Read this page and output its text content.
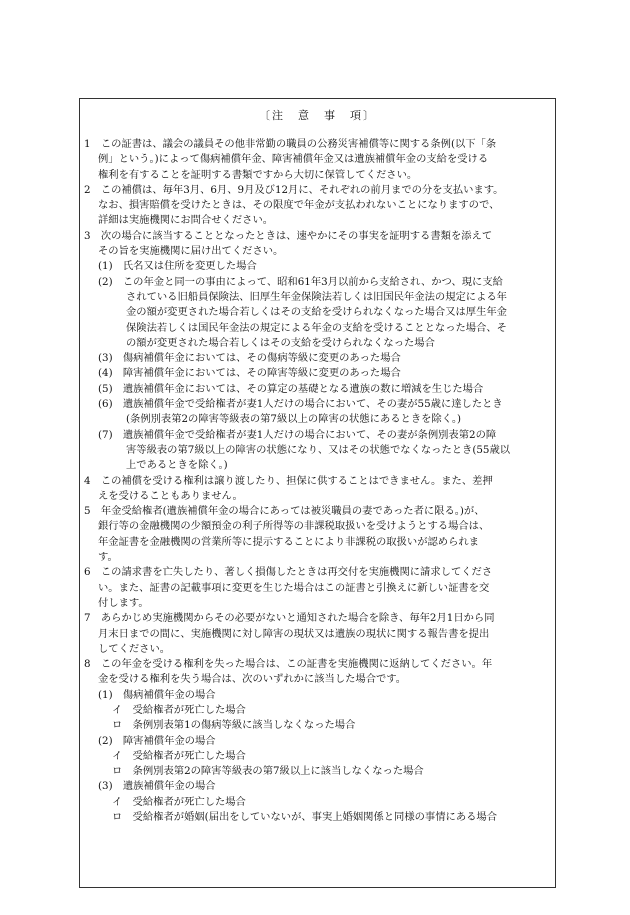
〔注　意　事　項〕

1　この証書は、議会の議員その他非常勤の職員の公務災害補償等に関する条例(以下「条

例」という。)によって傷病補償年金、障害補償年金又は遺族補償年金の支給を受ける

権利を有することを証明する書類ですから大切に保管してください。

2　この補償は、毎年3月、6月、9月及び12月に、それぞれの前月までの分を支払います。

なお、損害賠償を受けたときは、その限度で年金が支払われないことになりますので、

詳細は実施機関にお問合せください。

3　次の場合に該当することとなったときは、速やかにその事実を証明する書類を添えて

その旨を実施機関に届け出てください。

(1)　氏名又は住所を変更した場合

(2)　この年金と同一の事由によって、昭和61年3月以前から支給され、かつ、現に支給

されている旧船員保険法、旧厚生年金保険法若しくは旧国民年金法の規定による年

金の額が変更された場合若しくはその支給を受けられなくなった場合又は厚生年金

保険法若しくは国民年金法の規定による年金の支給を受けることとなった場合、そ

の額が変更された場合若しくはその支給を受けられなくなった場合

(3)　傷病補償年金においては、その傷病等級に変更のあった場合

(4)　障害補償年金においては、その障害等級に変更のあった場合

(5)　遺族補償年金においては、その算定の基礎となる遺族の数に増減を生じた場合

(6)　遺族補償年金で受給権者が妻1人だけの場合において、その妻が55歳に達したとき

(条例別表第2の障害等級表の第7級以上の障害の状態にあるときを除く。)

(7)　遺族補償年金で受給権者が妻1人だけの場合において、その妻が条例別表第2の障

害等級表の第7級以上の障害の状態になり、又はその状態でなくなったとき(55歳以

上であるときを除く。)

4　この補償を受ける権利は譲り渡したり、担保に供することはできません。また、差押

えを受けることもありません。

5　年金受給権者(遺族補償年金の場合にあっては被災職員の妻であった者に限る。)が、

銀行等の金融機関の少額預金の利子所得等の非課税取扱いを受けようとする場合は、

年金証書を金融機関の営業所等に提示することにより非課税の取扱いが認められま

す。

6　この請求書を亡失したり、著しく損傷したときは再交付を実施機関に請求してくださ

い。また、証書の記載事項に変更を生じた場合はこの証書と引換えに新しい証書を交

付します。

7　あらかじめ実施機関からその必要がないと通知された場合を除き、毎年2月1日から同

月末日までの間に、実施機関に対し障害の現状又は遺族の現状に関する報告書を提出

してください。

8　この年金を受ける権利を失った場合は、この証書を実施機関に返納してください。年

金を受ける権利を失う場合は、次のいずれかに該当した場合です。

(1)　傷病補償年金の場合

イ　受給権者が死亡した場合

ロ　条例別表第1の傷病等級に該当しなくなった場合

(2)　障害補償年金の場合

イ　受給権者が死亡した場合

ロ　条例別表第2の障害等級表の第7級以上に該当しなくなった場合

(3)　遺族補償年金の場合

イ　受給権者が死亡した場合

ロ　受給権者が婚姻(届出をしていないが、事実上婚姻関係と同様の事情にある場合
